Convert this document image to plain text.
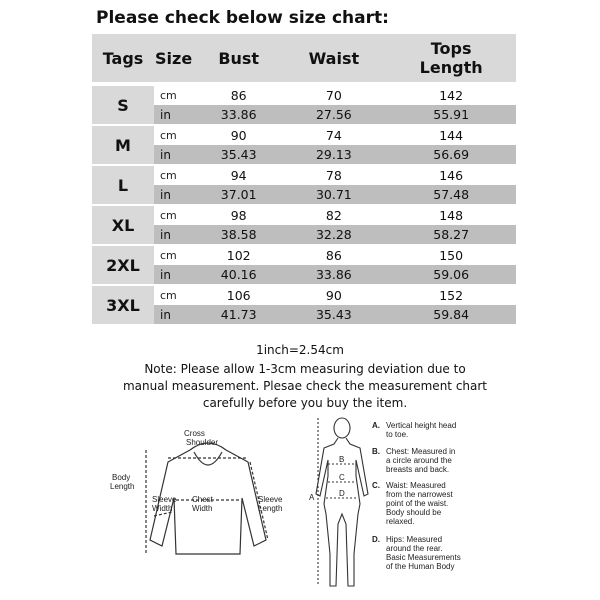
Please check below size chart:
Tags	Size	Bust	Waist	Tops
Length
S	cm	86	70	142
	in	33.86	27.56	55.91
M	cm	90	74	144
	in	35.43	29.13	56.69
L	cm	94	78	146
	in	37.01	30.71	57.48
XL	cm	98	82	148
	in	38.58	32.28	58.27
2XL	cm	102	86	150
	in	40.16	33.86	59.06
3XL	cm	106	90	152
	in	41.73	35.43	59.84
1inch=2.54cm
Note: Please allow 1-3cm measuring deviation due to manual measurement. Plesae check the measurement chart carefully before you buy the item.
Cross
Shoulder
Body
Length
Sleeve
Width
Chest
Width
Sleeve
Length
A
B
C
D
A. Vertical height head
to toe.
B. Chest: Measured in
a circle around the
breasts and back.
C. Waist: Measured
from the narrowest
point of the waist.
Body should be
relaxed.
D. Hips: Measured
around the rear.
Basic Measurements
of the Human Body
